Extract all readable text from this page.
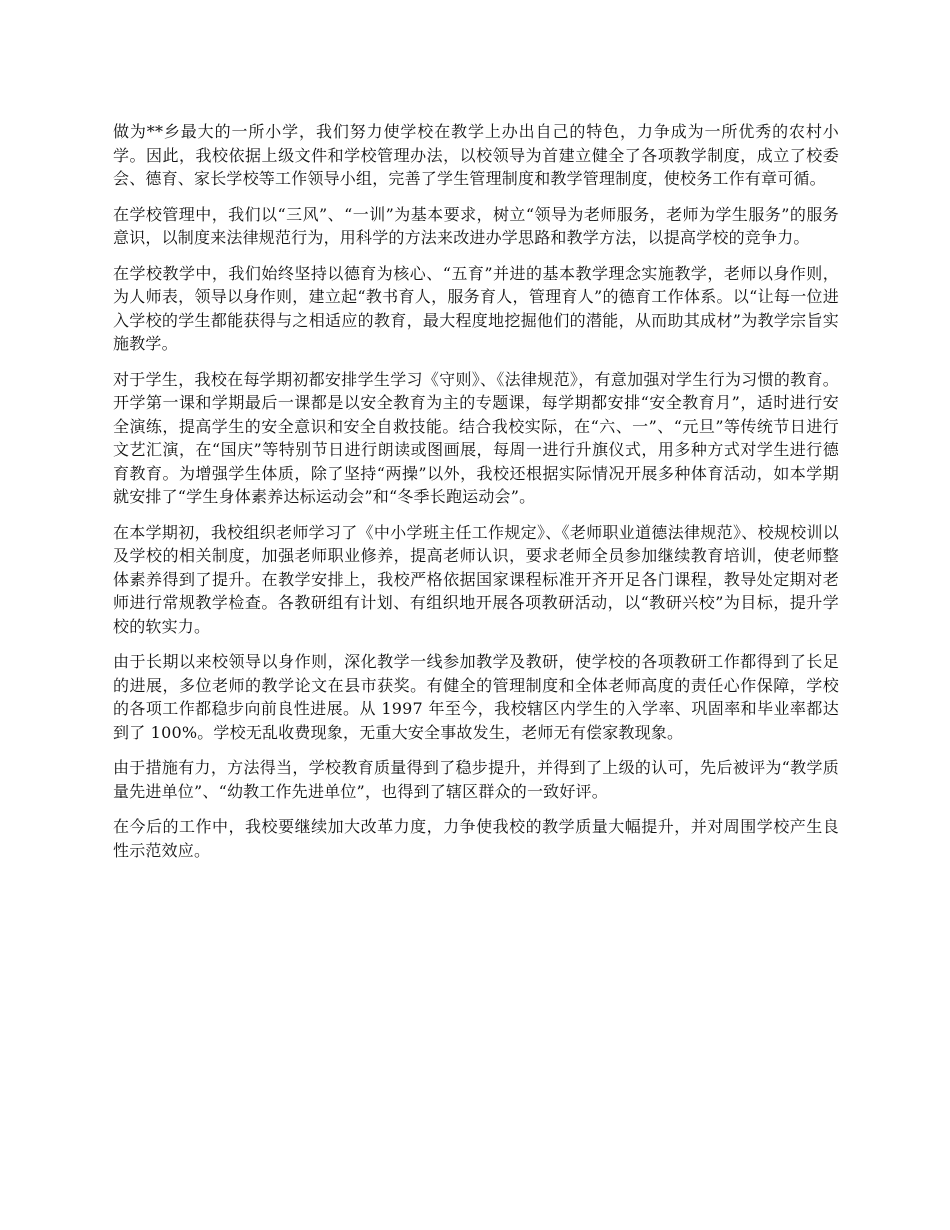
做为**乡最大的一所小学，我们努力使学校在教学上办出自己的特色，力争成为一所优秀的农村小学。因此，我校依据上级文件和学校管理办法，以校领导为首建立健全了各项教学制度，成立了校委会、德育、家长学校等工作领导小组，完善了学生管理制度和教学管理制度，使校务工作有章可循。

在学校管理中，我们以“三风”、“一训”为基本要求，树立“领导为老师服务，老师为学生服务”的服务意识，以制度来法律规范行为，用科学的方法来改进办学思路和教学方法，以提高学校的竞争力。

在学校教学中，我们始终坚持以德育为核心、“五育”并进的基本教学理念实施教学，老师以身作则，为人师表，领导以身作则，建立起“教书育人，服务育人，管理育人”的德育工作体系。以“让每一位进入学校的学生都能获得与之相适应的教育，最大程度地挖掘他们的潜能，从而助其成材”为教学宗旨实施教学。

对于学生，我校在每学期初都安排学生学习《守则》、《法律规范》，有意加强对学生行为习惯的教育。开学第一课和学期最后一课都是以安全教育为主的专题课，每学期都安排“安全教育月”，适时进行安全演练，提高学生的安全意识和安全自救技能。结合我校实际，在“六、一”、“元旦”等传统节日进行文艺汇演，在“国庆”等特别节日进行朗读或图画展，每周一进行升旗仪式，用多种方式对学生进行德育教育。为增强学生体质，除了坚持“两操”以外，我校还根据实际情况开展多种体育活动，如本学期就安排了“学生身体素养达标运动会”和“冬季长跑运动会”。

在本学期初，我校组织老师学习了《中小学班主任工作规定》、《老师职业道德法律规范》、校规校训以及学校的相关制度，加强老师职业修养，提高老师认识，要求老师全员参加继续教育培训，使老师整体素养得到了提升。在教学安排上，我校严格依据国家课程标准开齐开足各门课程，教导处定期对老师进行常规教学检查。各教研组有计划、有组织地开展各项教研活动，以“教研兴校”为目标，提升学校的软实力。

由于长期以来校领导以身作则，深化教学一线参加教学及教研，使学校的各项教研工作都得到了长足的进展，多位老师的教学论文在县市获奖。有健全的管理制度和全体老师高度的责任心作保障，学校的各项工作都稳步向前良性进展。从 1997 年至今，我校辖区内学生的入学率、巩固率和毕业率都达到了 100%。学校无乱收费现象，无重大安全事故发生，老师无有偿家教现象。

由于措施有力，方法得当，学校教育质量得到了稳步提升，并得到了上级的认可，先后被评为“教学质量先进单位”、“幼教工作先进单位”，也得到了辖区群众的一致好评。

在今后的工作中，我校要继续加大改革力度，力争使我校的教学质量大幅提升，并对周围学校产生良性示范效应。
